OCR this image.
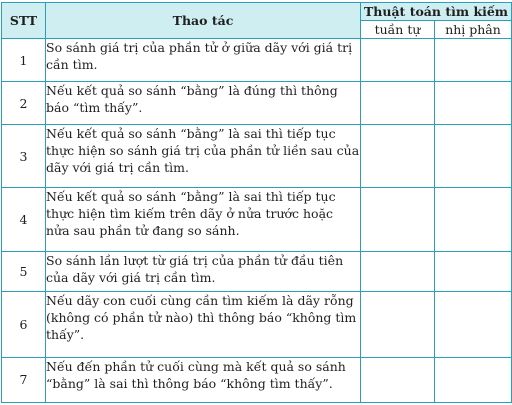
STT	Thao tác	Thuật toán tìm kiếm	
		tuần tự	nhị phân
1	So sánh giá trị của phần tử ở giữa dãy với giá trị cần tìm.		
2	Nếu kết quả so sánh “bằng” là đúng thì thông báo “tìm thấy”.		
3	Nếu kết quả so sánh “bằng” là sai thì tiếp tục thực hiện so sánh giá trị của phần tử liền sau của dãy với giá trị cần tìm.		
4	Nếu kết quả so sánh “bằng” là sai thì tiếp tục thực hiện tìm kiếm trên dãy ở nửa trước hoặc nửa sau phần tử đang so sánh.		
5	So sánh lần lượt từ giá trị của phần tử đầu tiên của dãy với giá trị cần tìm.		
6	Nếu dãy con cuối cùng cần tìm kiếm là dãy rỗng (không có phần tử nào) thì thông báo “không tìm thấy”.		
7	Nếu đến phần tử cuối cùng mà kết quả so sánh “bằng” là sai thì thông báo “không tìm thấy”.		
